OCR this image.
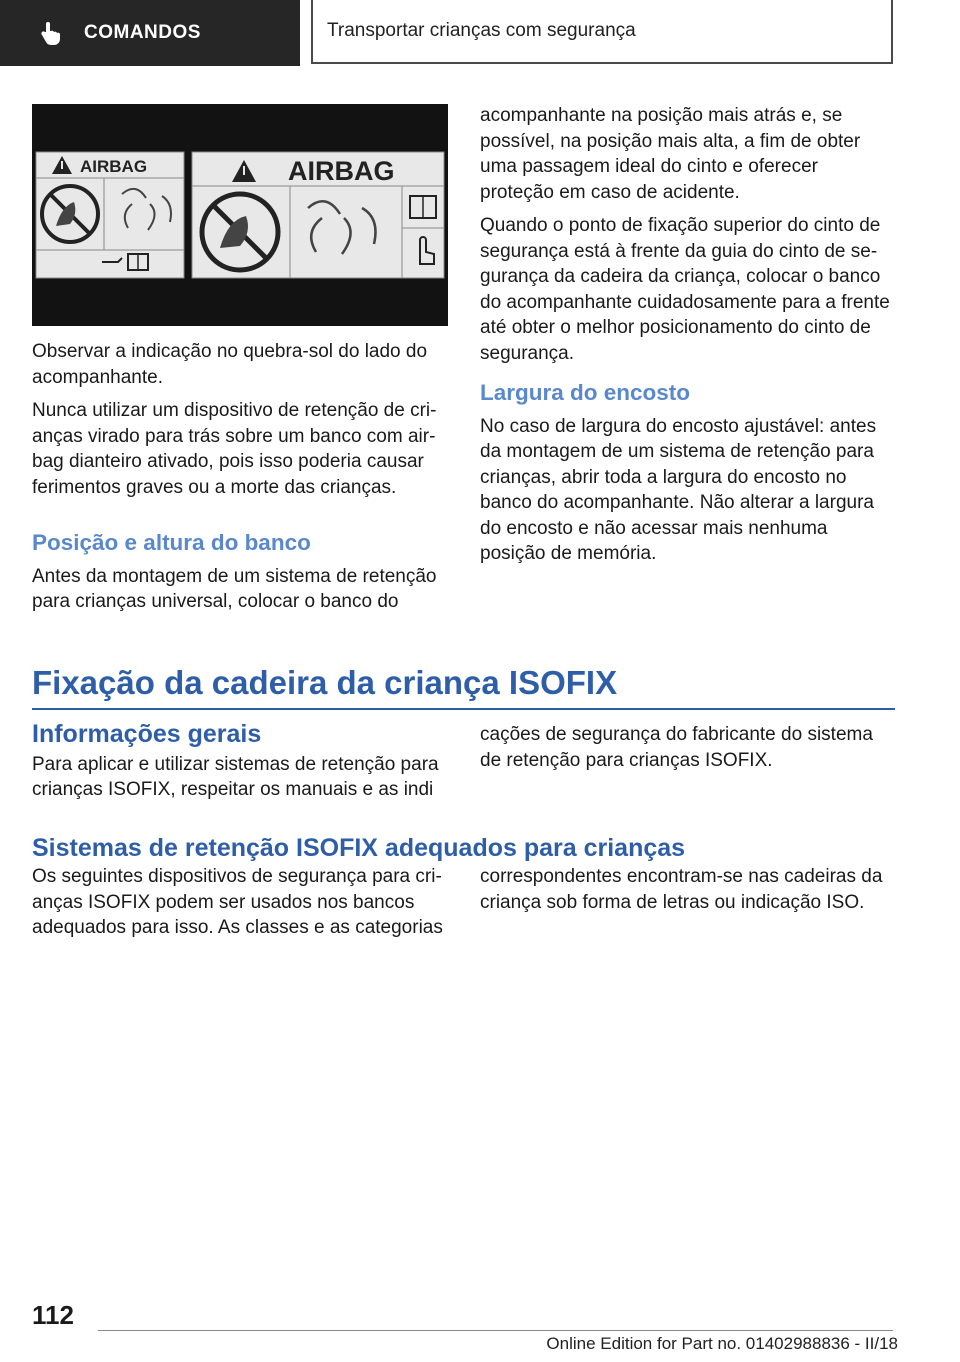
COMANDOS	Transportar crianças com segurança
AIRBAG	AIRBAG

Observar a indicação no quebra-sol do lado do acompanhante.

Nunca utilizar um dispositivo de retenção de crianças virado para trás sobre um banco com airbag dianteiro ativado, pois isso poderia causar ferimentos graves ou a morte das crianças.

Posição e altura do banco

Antes da montagem de um sistema de retenção para crianças universal, colocar o banco do

acompanhante na posição mais atrás e, se possível, na posição mais alta, a fim de obter uma passagem ideal do cinto e oferecer proteção em caso de acidente.

Quando o ponto de fixação superior do cinto de segurança está à frente da guia do cinto de segurança da cadeira da criança, colocar o banco do acompanhante cuidadosamente para a frente até obter o melhor posicionamento do cinto de segurança.

Largura do encosto

No caso de largura do encosto ajustável: antes da montagem de um sistema de retenção para crianças, abrir toda a largura do encosto no banco do acompanhante. Não alterar a largura do encosto e não acessar mais nenhuma posição de memória.

Fixação da cadeira da criança ISOFIX
Informações gerais

Para aplicar e utilizar sistemas de retenção para crianças ISOFIX, respeitar os manuais e as indi

cações de segurança do fabricante do sistema de retenção para crianças ISOFIX.

Sistemas de retenção ISOFIX adequados para crianças

Os seguintes dispositivos de segurança para crianças ISOFIX podem ser usados nos bancos adequados para isso. As classes e as categorias

correspondentes encontram-se nas cadeiras da criança sob forma de letras ou indicação ISO.

112
Online Edition for Part no. 01402988836 - II/18
